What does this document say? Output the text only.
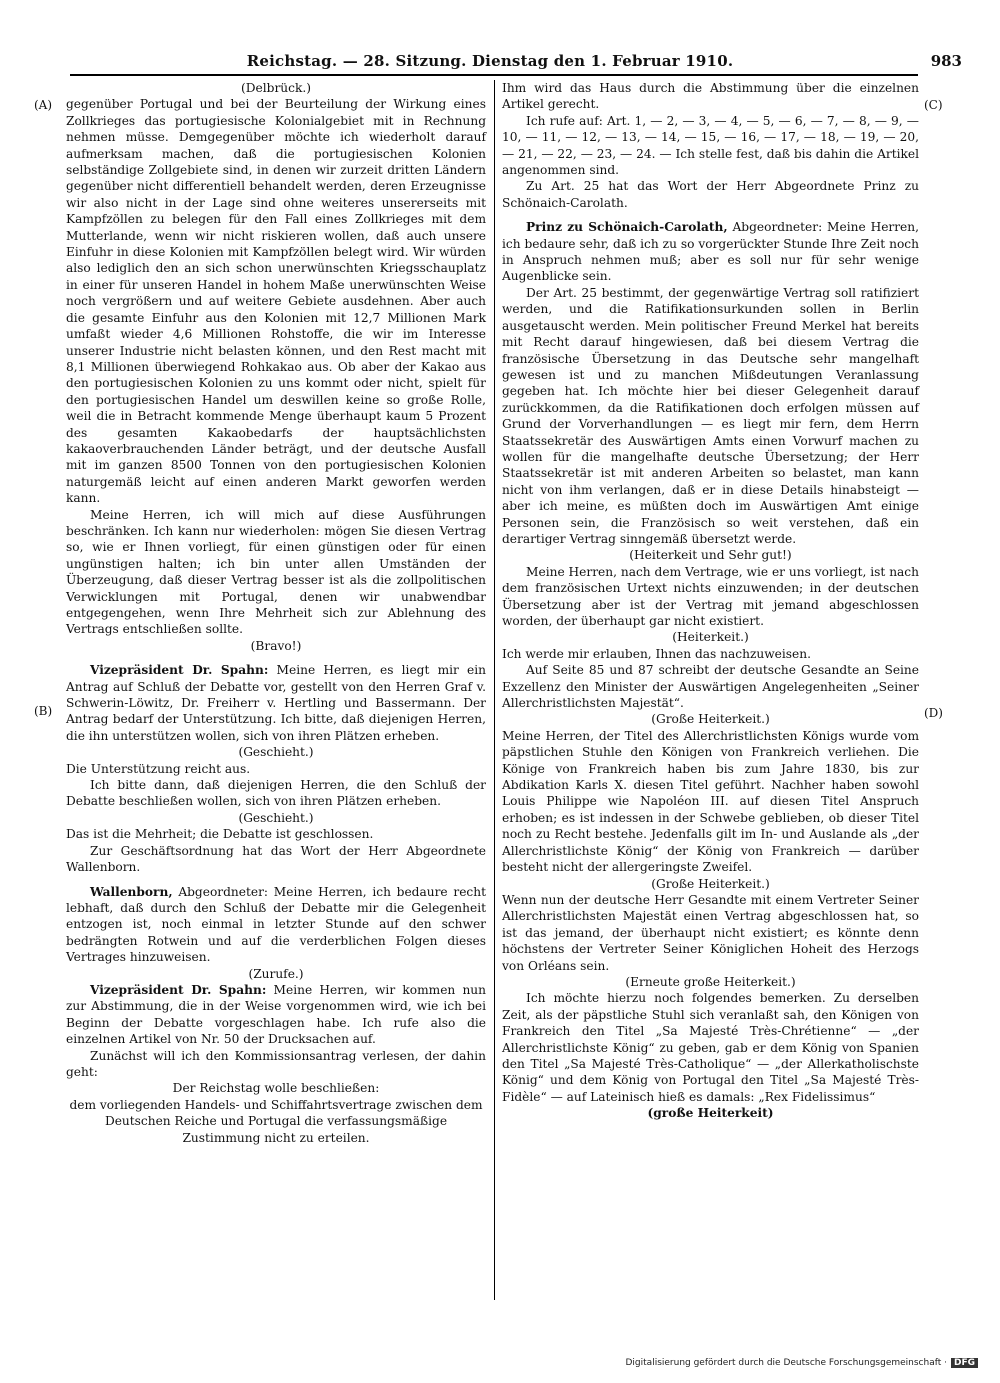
Reichstag. — 28. Sitzung. Dienstag den 1. Februar 1910.	983
(A)
(B)
(C)
(D)

(Delbrück.)

gegenüber Portugal und bei der Beurteilung der Wirkung eines Zollkrieges das portugiesische Kolonialgebiet mit in Rechnung nehmen müsse. Demgegenüber möchte ich wiederholt darauf aufmerksam machen, daß die portugiesischen Kolonien selbständige Zollgebiete sind, in denen wir zurzeit dritten Ländern gegenüber nicht differentiell behandelt werden, deren Erzeugnisse wir also nicht in der Lage sind ohne weiteres unsererseits mit Kampfzöllen zu belegen für den Fall eines Zollkrieges mit dem Mutterlande, wenn wir nicht riskieren wollen, daß auch unsere Einfuhr in diese Kolonien mit Kampfzöllen belegt wird. Wir würden also lediglich den an sich schon unerwünschten Kriegsschauplatz in einer für unseren Handel in hohem Maße unerwünschten Weise noch vergrößern und auf weitere Gebiete ausdehnen. Aber auch die gesamte Einfuhr aus den Kolonien mit 12,7 Millionen Mark umfaßt wieder 4,6 Millionen Rohstoffe, die wir im Interesse unserer Industrie nicht belasten können, und den Rest macht mit 8,1 Millionen überwiegend Rohkakao aus. Ob aber der Kakao aus den portugiesischen Kolonien zu uns kommt oder nicht, spielt für den portugiesischen Handel um deswillen keine so große Rolle, weil die in Betracht kommende Menge überhaupt kaum 5 Prozent des gesamten Kakaobedarfs der hauptsächlichsten kakaoverbrauchenden Länder beträgt, und der deutsche Ausfall mit im ganzen 8500 Tonnen von den portugiesischen Kolonien naturgemäß leicht auf einen anderen Markt geworfen werden kann.

Meine Herren, ich will mich auf diese Ausführungen beschränken. Ich kann nur wiederholen: mögen Sie diesen Vertrag so, wie er Ihnen vorliegt, für einen günstigen oder für einen ungünstigen halten; ich bin unter allen Umständen der Überzeugung, daß dieser Vertrag besser ist als die zollpolitischen Verwicklungen mit Portugal, denen wir unabwendbar entgegengehen, wenn Ihre Mehrheit sich zur Ablehnung des Vertrags entschließen sollte.

(Bravo!)

Vizepräsident Dr. Spahn: Meine Herren, es liegt mir ein Antrag auf Schluß der Debatte vor, gestellt von den Herren Graf v. Schwerin-Löwitz, Dr. Freiherr v. Hertling und Bassermann. Der Antrag bedarf der Unterstützung. Ich bitte, daß diejenigen Herren, die ihn unterstützen wollen, sich von ihren Plätzen erheben.

(Geschieht.)

Die Unterstützung reicht aus.

Ich bitte dann, daß diejenigen Herren, die den Schluß der Debatte beschließen wollen, sich von ihren Plätzen erheben.

(Geschieht.)

Das ist die Mehrheit; die Debatte ist geschlossen.

Zur Geschäftsordnung hat das Wort der Herr Abgeordnete Wallenborn.

Wallenborn, Abgeordneter: Meine Herren, ich bedaure recht lebhaft, daß durch den Schluß der Debatte mir die Gelegenheit entzogen ist, noch einmal in letzter Stunde auf den schwer bedrängten Rotwein und auf die verderblichen Folgen dieses Vertrages hinzuweisen.

(Zurufe.)

Vizepräsident Dr. Spahn: Meine Herren, wir kommen nun zur Abstimmung, die in der Weise vorgenommen wird, wie ich bei Beginn der Debatte vorgeschlagen habe. Ich rufe also die einzelnen Artikel von Nr. 50 der Drucksachen auf.

Zunächst will ich den Kommissionsantrag verlesen, der dahin geht:

Der Reichstag wolle beschließen:

dem vorliegenden Handels- und Schiffahrtsvertrage zwischen dem Deutschen Reiche und Portugal die verfassungsmäßige Zustimmung nicht zu erteilen.

Ihm wird das Haus durch die Abstimmung über die einzelnen Artikel gerecht.

Ich rufe auf: Art. 1, — 2, — 3, — 4, — 5, — 6, — 7, — 8, — 9, — 10, — 11, — 12, — 13, — 14, — 15, — 16, — 17, — 18, — 19, — 20, — 21, — 22, — 23, — 24. — Ich stelle fest, daß bis dahin die Artikel angenommen sind.

Zu Art. 25 hat das Wort der Herr Abgeordnete Prinz zu Schönaich-Carolath.

Prinz zu Schönaich-Carolath, Abgeordneter: Meine Herren, ich bedaure sehr, daß ich zu so vorgerückter Stunde Ihre Zeit noch in Anspruch nehmen muß; aber es soll nur für sehr wenige Augenblicke sein.

Der Art. 25 bestimmt, der gegenwärtige Vertrag soll ratifiziert werden, und die Ratifikationsurkunden sollen in Berlin ausgetauscht werden. Mein politischer Freund Merkel hat bereits mit Recht darauf hingewiesen, daß bei diesem Vertrag die französische Übersetzung in das Deutsche sehr mangelhaft gewesen ist und zu manchen Mißdeutungen Veranlassung gegeben hat. Ich möchte hier bei dieser Gelegenheit darauf zurückkommen, da die Ratifikationen doch erfolgen müssen auf Grund der Vorverhandlungen — es liegt mir fern, dem Herrn Staatssekretär des Auswärtigen Amts einen Vorwurf machen zu wollen für die mangelhafte deutsche Übersetzung; der Herr Staatssekretär ist mit anderen Arbeiten so belastet, man kann nicht von ihm verlangen, daß er in diese Details hinabsteigt — aber ich meine, es müßten doch im Auswärtigen Amt einige Personen sein, die Französisch so weit verstehen, daß ein derartiger Vertrag sinngemäß übersetzt werde.

(Heiterkeit und Sehr gut!)

Meine Herren, nach dem Vertrage, wie er uns vorliegt, ist nach dem französischen Urtext nichts einzuwenden; in der deutschen Übersetzung aber ist der Vertrag mit jemand abgeschlossen worden, der überhaupt gar nicht existiert.

(Heiterkeit.)

Ich werde mir erlauben, Ihnen das nachzuweisen.

Auf Seite 85 und 87 schreibt der deutsche Gesandte an Seine Exzellenz den Minister der Auswärtigen Angelegenheiten „Seiner Allerchristlichsten Majestät“.

(Große Heiterkeit.)

Meine Herren, der Titel des Allerchristlichsten Königs wurde vom päpstlichen Stuhle den Königen von Frankreich verliehen. Die Könige von Frankreich haben bis zum Jahre 1830, bis zur Abdikation Karls X. diesen Titel geführt. Nachher haben sowohl Louis Philippe wie Napoléon III. auf diesen Titel Anspruch erhoben; es ist indessen in der Schwebe geblieben, ob dieser Titel noch zu Recht bestehe. Jedenfalls gilt im In- und Auslande als „der Allerchristlichste König“ der König von Frankreich — darüber besteht nicht der allergeringste Zweifel.

(Große Heiterkeit.)

Wenn nun der deutsche Herr Gesandte mit einem Vertreter Seiner Allerchristlichsten Majestät einen Vertrag abgeschlossen hat, so ist das jemand, der überhaupt nicht existiert; es könnte denn höchstens der Vertreter Seiner Königlichen Hoheit des Herzogs von Orléans sein.

(Erneute große Heiterkeit.)

Ich möchte hierzu noch folgendes bemerken. Zu derselben Zeit, als der päpstliche Stuhl sich veranlaßt sah, den Königen von Frankreich den Titel „Sa Majesté Très-Chrétienne“ — „der Allerchristlichste König“ zu geben, gab er dem König von Spanien den Titel „Sa Majesté Très-Catholique“ — „der Allerkatholischste König“ und dem König von Portugal den Titel „Sa Majesté Très-Fidèle“ — auf Lateinisch hieß es damals: „Rex Fidelissimus“

(große Heiterkeit)

Digitalisierung gefördert durch die Deutsche Forschungsgemeinschaft · DFG
